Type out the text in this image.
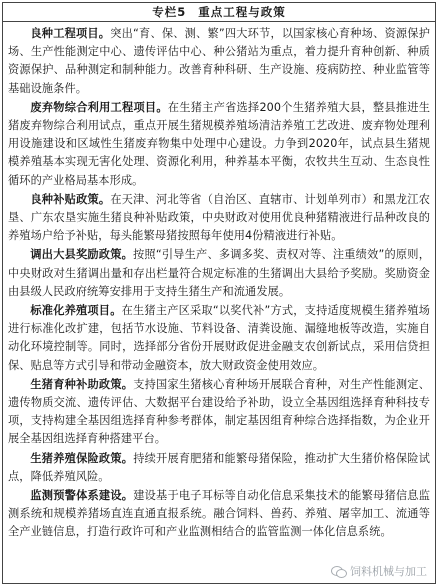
专栏5 重点工程与政策

良种工程项目。突出“育、保、测、繁”四大环节，以国家核心育种场、资源保护场、生产性能测定中心、遗传评估中心、种公猪站为重点，着力提升育种创新、种质资源保护、品种测定和制种能力。改善育种科研、生产设施、疫病防控、种业监管等基础设施条件。

废弃物综合利用工程项目。在生猪主产省选择200个生猪养殖大县，整县推进生猪废弃物综合利用试点，重点开展生猪规模养殖场清洁养殖工艺改进、废弃物处理利用设施建设和区域性生猪废弃物集中处理中心建设。力争到2020年，试点县生猪规模养殖基本实现无害化处理、资源化利用，种养基本平衡，农牧共生互动、生态良性循环的产业格局基本形成。

良种补贴政策。在天津、河北等省（自治区、直辖市、计划单列市）和黑龙江农垦、广东农垦实施生猪良种补贴政策，中央财政对使用优良种猪精液进行品种改良的养殖场户给予补贴，每头能繁母猪按照每年使用4份精液进行补贴。

调出大县奖励政策。按照“引导生产、多调多奖、责权对等、注重绩效”的原则，中央财政对生猪调出量和存出栏量符合规定标准的生猪调出大县给予奖励。奖励资金由县级人民政府统筹安排用于支持生猪生产和流通发展。

标准化养殖项目。在生猪主产区采取“以奖代补”方式，支持适度规模生猪养殖场进行标准化改扩建，包括节水设施、节料设备、清粪设施、漏缝地板等改造，实施自动化环境控制等。同时，选择部分省份开展财政促进金融支农创新试点，采用信贷担保、贴息等方式引导和带动金融资本，放大财政资金使用效应。

生猪育种补助政策。支持国家生猪核心育种场开展联合育种，对生产性能测定、遗传物质交流、遗传评估、大数据平台建设给予补助，设立全基因组选择育种科技专项，支持构建全基因组选择育种参考群体，制定基因组育种综合选择指数，为企业开展全基因组选择育种搭建平台。

生猪养殖保险政策。持续开展育肥猪和能繁母猪保险，推动扩大生猪价格保险试点，降低养殖风险。

监测预警体系建设。建设基于电子耳标等自动化信息采集技术的能繁母猪信息监测系统和规模养猪场直连直通直报系统。融合饲料、兽药、养殖、屠宰加工、流通等全产业链信息，打造行政许可和产业监测相结合的监管监测一体化信息系统。

饲料机械与加工
